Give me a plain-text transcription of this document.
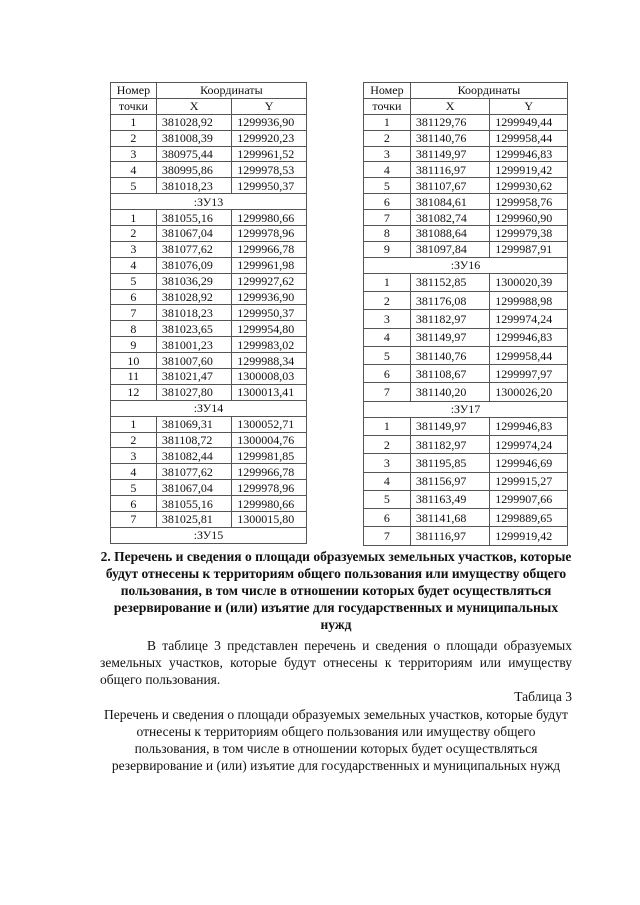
Номер	Координаты	
точки	X	Y
1	381028,92	1299936,90
2	381008,39	1299920,23
3	380975,44	1299961,52
4	380995,86	1299978,53
5	381018,23	1299950,37
:ЗУ13		
1	381055,16	1299980,66
2	381067,04	1299978,96
3	381077,62	1299966,78
4	381076,09	1299961,98
5	381036,29	1299927,62
6	381028,92	1299936,90
7	381018,23	1299950,37
8	381023,65	1299954,80
9	381001,23	1299983,02
10	381007,60	1299988,34
11	381021,47	1300008,03
12	381027,80	1300013,41
:ЗУ14		
1	381069,31	1300052,71
2	381108,72	1300004,76
3	381082,44	1299981,85
4	381077,62	1299966,78
5	381067,04	1299978,96
6	381055,16	1299980,66
7	381025,81	1300015,80
:ЗУ15		
Номер	Координаты	
точки	X	Y
1	381129,76	1299949,44
2	381140,76	1299958,44
3	381149,97	1299946,83
4	381116,97	1299919,42
5	381107,67	1299930,62
6	381084,61	1299958,76
7	381082,74	1299960,90
8	381088,64	1299979,38
9	381097,84	1299987,91
:ЗУ16		
1	381152,85	1300020,39
2	381176,08	1299988,98
3	381182,97	1299974,24
4	381149,97	1299946,83
5	381140,76	1299958,44
6	381108,67	1299997,97
7	381140,20	1300026,20
:ЗУ17		
1	381149,97	1299946,83
2	381182,97	1299974,24
3	381195,85	1299946,69
4	381156,97	1299915,27
5	381163,49	1299907,66
6	381141,68	1299889,65
7	381116,97	1299919,42
2. Перечень и сведения о площади образуемых земельных участков, которые будут отнесены к территориям общего пользования или имуществу общего пользования, в том числе в отношении которых будет осуществляться резервирование и (или) изъятие для государственных и муниципальных нужд
В таблице 3 представлен перечень и сведения о площади образуемых земельных участков, которые будут отнесены к территориям или имуществу общего пользования.
Таблица 3
Перечень и сведения о площади образуемых земельных участков, которые будут отнесены к территориям общего пользования или имуществу общего пользования, в том числе в отношении которых будет осуществляться резервирование и (или) изъятие для государственных и муниципальных нужд
